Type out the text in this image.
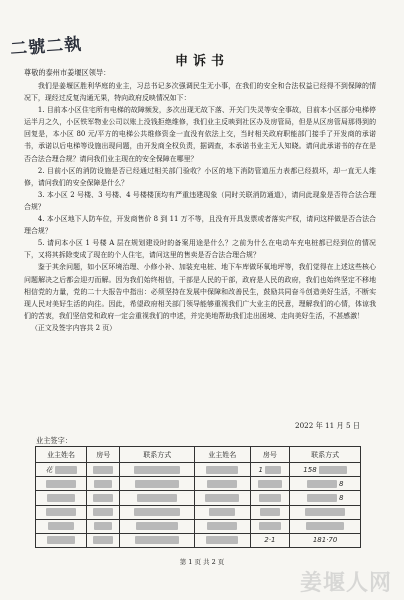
二號二執
申诉书
尊敬的泰州市姜堰区领导：

我们是姜堰区胜利华庭的业主，习总书记多次强调民生无小事，在我们的安全和合法权益已经得不到保障的情况下，现经过反复沟通无果，特向政府反映情况如下：

1. 目前本小区住宅所有电梯的故障频发，多次出现无故下落、开关门失灵等安全事故，目前本小区部分电梯停运半月之久，小区铁军物业公司以账上没钱拒绝维修，我们业主反映到社区办及房管局，但是从区房管局那得到的回复是，本小区 80 元/平方的电梯公共维修资金一直没有依法上交，当时相关政府职能部门接手了开发商的承诺书，承诺以后电梯等设施出现问题，由开发商全权负责，据调查，本承诺书业主无人知晓。请问此承诺书的存在是否合法合理合规？请问我们业主现在的安全保障在哪里？

2. 目前小区的消防设施是否已经通过相关部门验收？小区的地下消防管道压力表都已经损坏，却一直无人维修，请问我们的安全保障是什么？

3. 本小区 2 号楼、3 号楼、4 号楼楼顶均有严重违建现象（同时关联消防通道），请问此现象是否符合法合理合规？

4. 本小区地下人防车位，开发商售价 8 到 11 万不等，且没有开具发票或者落实产权，请问这样做是否合法合理合规？

5. 请问本小区 1 号楼 A 层在规划建设时的备案用途是什么？之前为什么在电动车充电桩都已经到位的情况下，又将其拆除变成了现在的个人住宅，请问这里的售卖是否合法合理合规？

鉴于其余问题，如小区环境治理、小修小补、加装充电桩、地下车库做环氧地坪等，我们觉得在上述这些核心问题解决之后都会迎刃而解。因为我们始终相信，干部是人民的干部，政府是人民的政府，我们也始终坚定不移地相信党的力量，党的二十大报告中指出：必须坚持在发展中保障和改善民生，鼓励共同奋斗创造美好生活，不断实现人民对美好生活的向往。因此，希望政府相关部门领导能够重视我们广大业主的民意，理解我们的心情，体谅我们的苦衷，我们坚信党和政府一定会重视我们的申述，并完美地帮助我们走出困境、走向美好生活，不甚感激！

（正文及签字内容共 2 页）

2022 年 11 月 5 日
业主签字：
业主姓名	房号	联系方式	业主姓名	房号	联系方式
花				1	158
					8
					8

				2·1	181·70
第 1 页 共 2 页
姜堰人网
